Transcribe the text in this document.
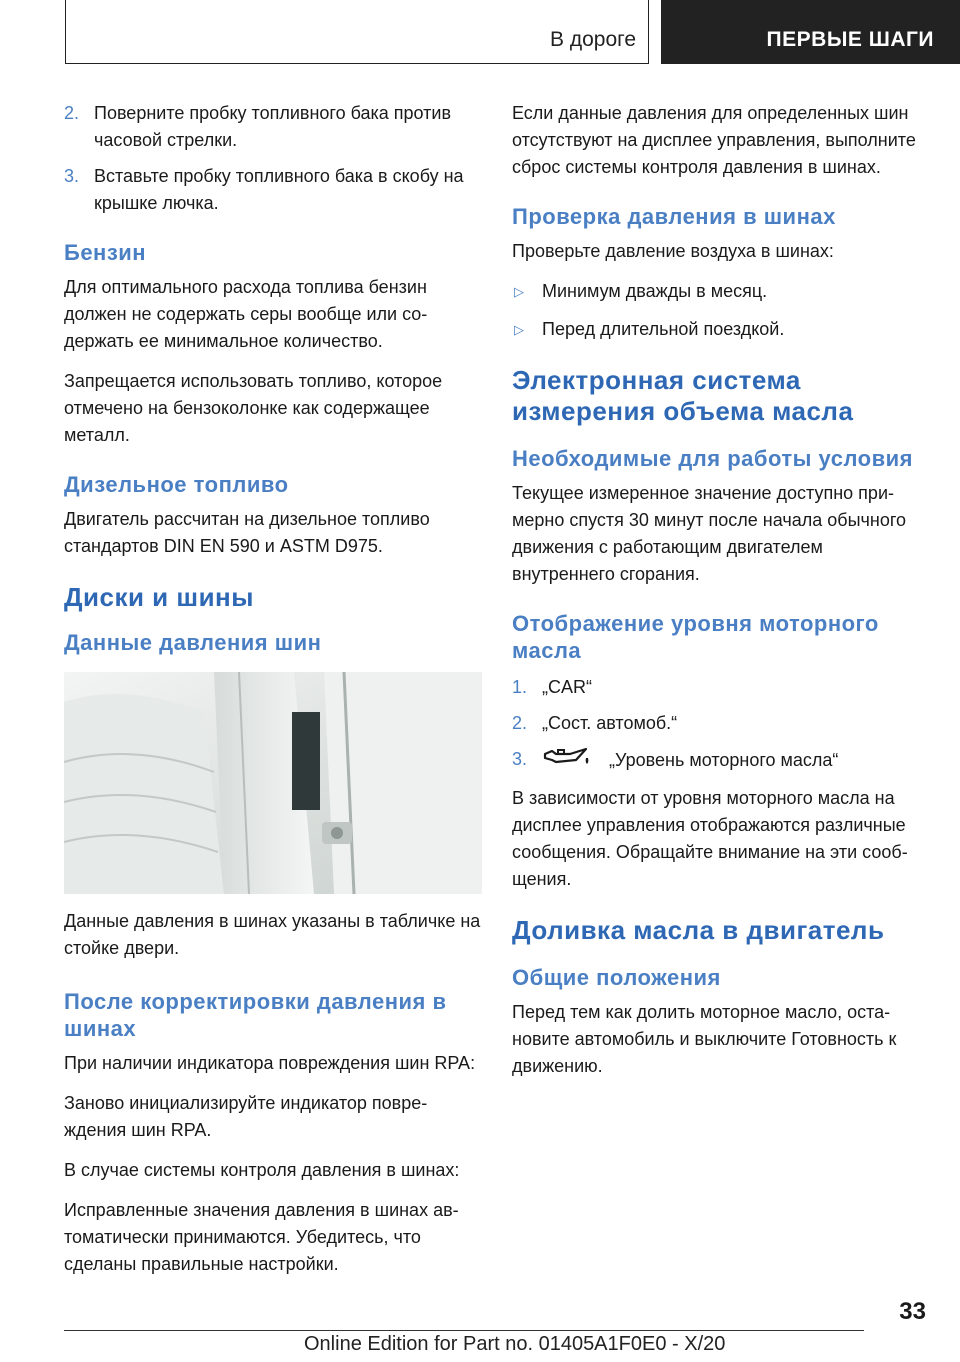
В дороге	ПЕРВЫЕ ШАГИ
2. Поверните пробку топливного бака против часовой стрелки.
3. Вставьте пробку топливного бака в скобу на крышке лючка.
Бензин

Для оптимального расхода топлива бензин должен не содержать серы вообще или содержать ее минимальное количество.

Запрещается использовать топливо, которое отмечено на бензоколонке как содержащее металл.

Дизельное топливо

Двигатель рассчитан на дизельное топливо стандартов DIN EN 590 и ASTM D975.

Диски и шины
Данные давления шин

Данные давления в шинах указаны в табличке на стойке двери.

После корректировки давления в шинах

При наличии индикатора повреждения шин RPA:

Заново инициализируйте индикатор повреждения шин RPA.

В случае системы контроля давления в шинах:

Исправленные значения давления в шинах автоматически принимаются. Убедитесь, что сделаны правильные настройки.

Если данные давления для определенных шин отсутствуют на дисплее управления, выполните сброс системы контроля давления в шинах.

Проверка давления в шинах

Проверьте давление воздуха в шинах:

▷ Минимум дважды в месяц.
▷ Перед длительной поездкой.
Электронная система измерения объема масла
Необходимые для работы условия

Текущее измеренное значение доступно примерно спустя 30 минут после начала обычного движения с работающим двигателем внутреннего сгорания.

Отображение уровня моторного масла
1. „CAR“
2. „Сост. автомоб.“
3.	„Уровень моторного масла“

В зависимости от уровня моторного масла на дисплее управления отображаются различные сообщения. Обращайте внимание на эти сообщения.

Доливка масла в двигатель
Общие положения

Перед тем как долить моторное масло, остановите автомобиль и выключите Готовность к движению.

33
Online Edition for Part no. 01405A1F0E0 - X/20
